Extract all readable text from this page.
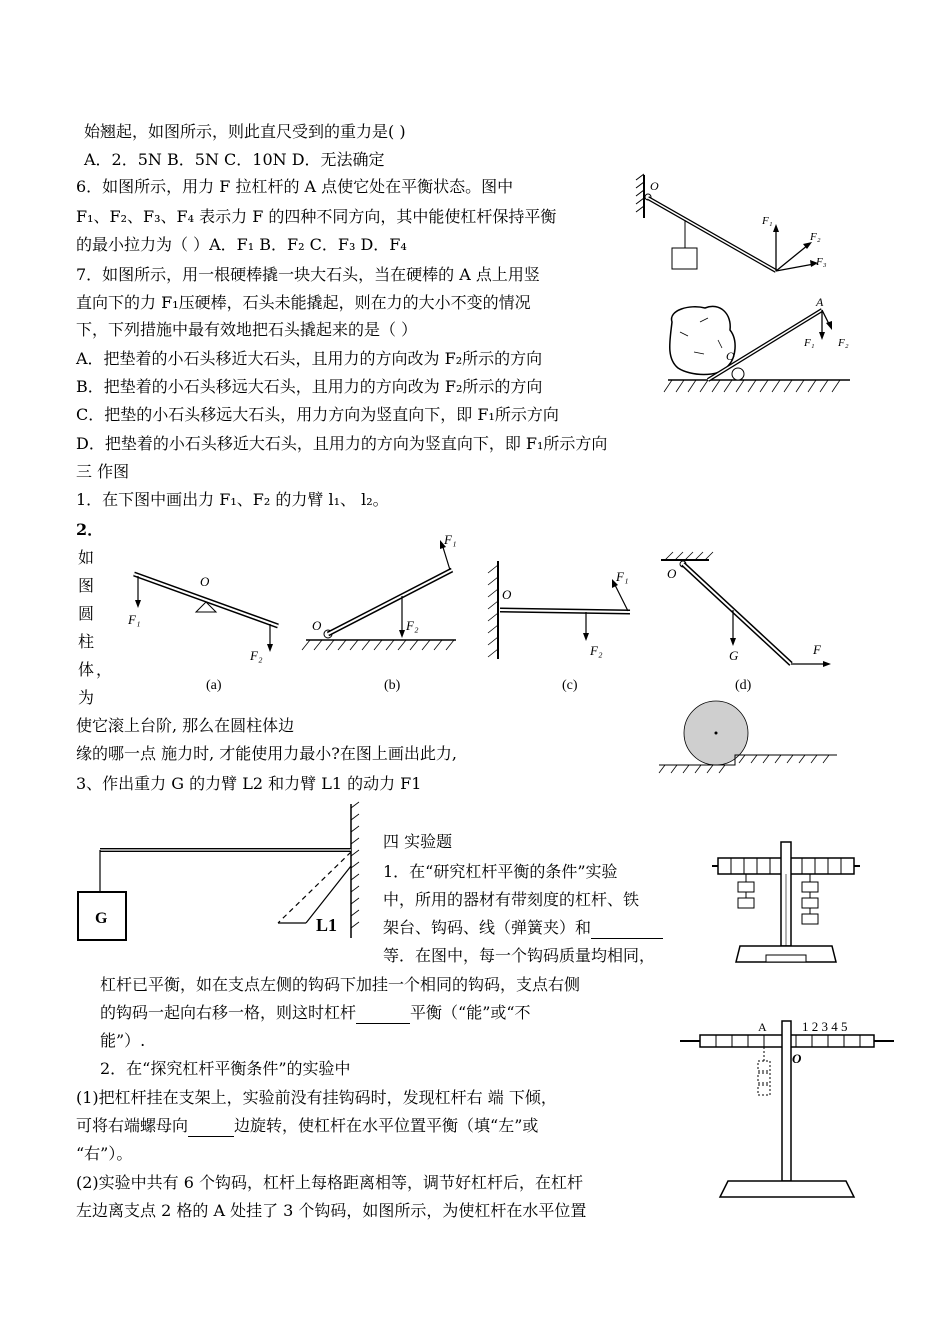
始翘起，如图所示，则此直尺受到的重力是( )
A．2．5N B．5N C．10N D．无法确定
6．如图所示，用力 F 拉杠杆的 A 点使它处在平衡状态。图中
F₁、F₂、F₃、F₄ 表示力 F 的四种不同方向，其中能使杠杆保持平衡
的最小拉力为（ ）A．F₁ B．F₂ C．F₃ D．F₄
O
F₁
F₂
F₃
7．如图所示，用一根硬棒撬一块大石头，当在硬棒的 A 点上用竖
直向下的力 F₁压硬棒，石头未能撬起，则在力的大小不变的情况
下，下列措施中最有效地把石头撬起来的是（ ）
A．把垫着的小石头移近大石头，且用力的方向改为 F₂所示的方向
B．把垫着的小石头移远大石头，且用力的方向改为 F₂所示的方向
C．把垫的小石头移远大石头，用力方向为竖直向下，即 F₁所示方向
D．把垫着的小石头移近大石头，且用力的方向为竖直向下，即 F₁所示方向
A
O
F₁ F₂
三 作图
1．在下图中画出力 F₁、F₂ 的力臂 l₁、 l₂。
2．
如
图
圆
柱
体 ，
为
使它滚上台阶, 那么在圆柱体边
缘的哪一点 施力时, 才能使用力最小?在图上画出此力,
3、作出重力 G 的力臂 L2 和力臂 L1 的动力 F1
O
F₁
F₂
(a)
O
F₁
F₂
(b)
O
F₁
F₂
(c)
O
G	F
(d)
G	L1
四 实验题
1．在“研究杠杆平衡的条件”实验
中，所用的器材有带刻度的杠杆、铁
架台、钩码、线（弹簧夹）和
等．在图中，每一个钩码质量均相同，
杠杆已平衡，如在支点左侧的钩码下加挂一个相同的钩码，支点右侧
的钩码一起向右移一格，则这时杠杆	平衡（“能”或“不
能”）.
2．在“探究杠杆平衡条件”的实验中
(1)把杠杆挂在支架上，实验前没有挂钩码时，发现杠杆右 端 下倾，
可将右端螺母向	边旋转，使杠杆在水平位置平衡（填“左”或
“右”）。
(2)实验中共有 6 个钩码，杠杆上每格距离相等，调节好杠杆后，在杠杆
左边离支点 2 格的 A 处挂了 3 个钩码，如图所示，为使杠杆在水平位置
A
O
1 2 3 4 5
